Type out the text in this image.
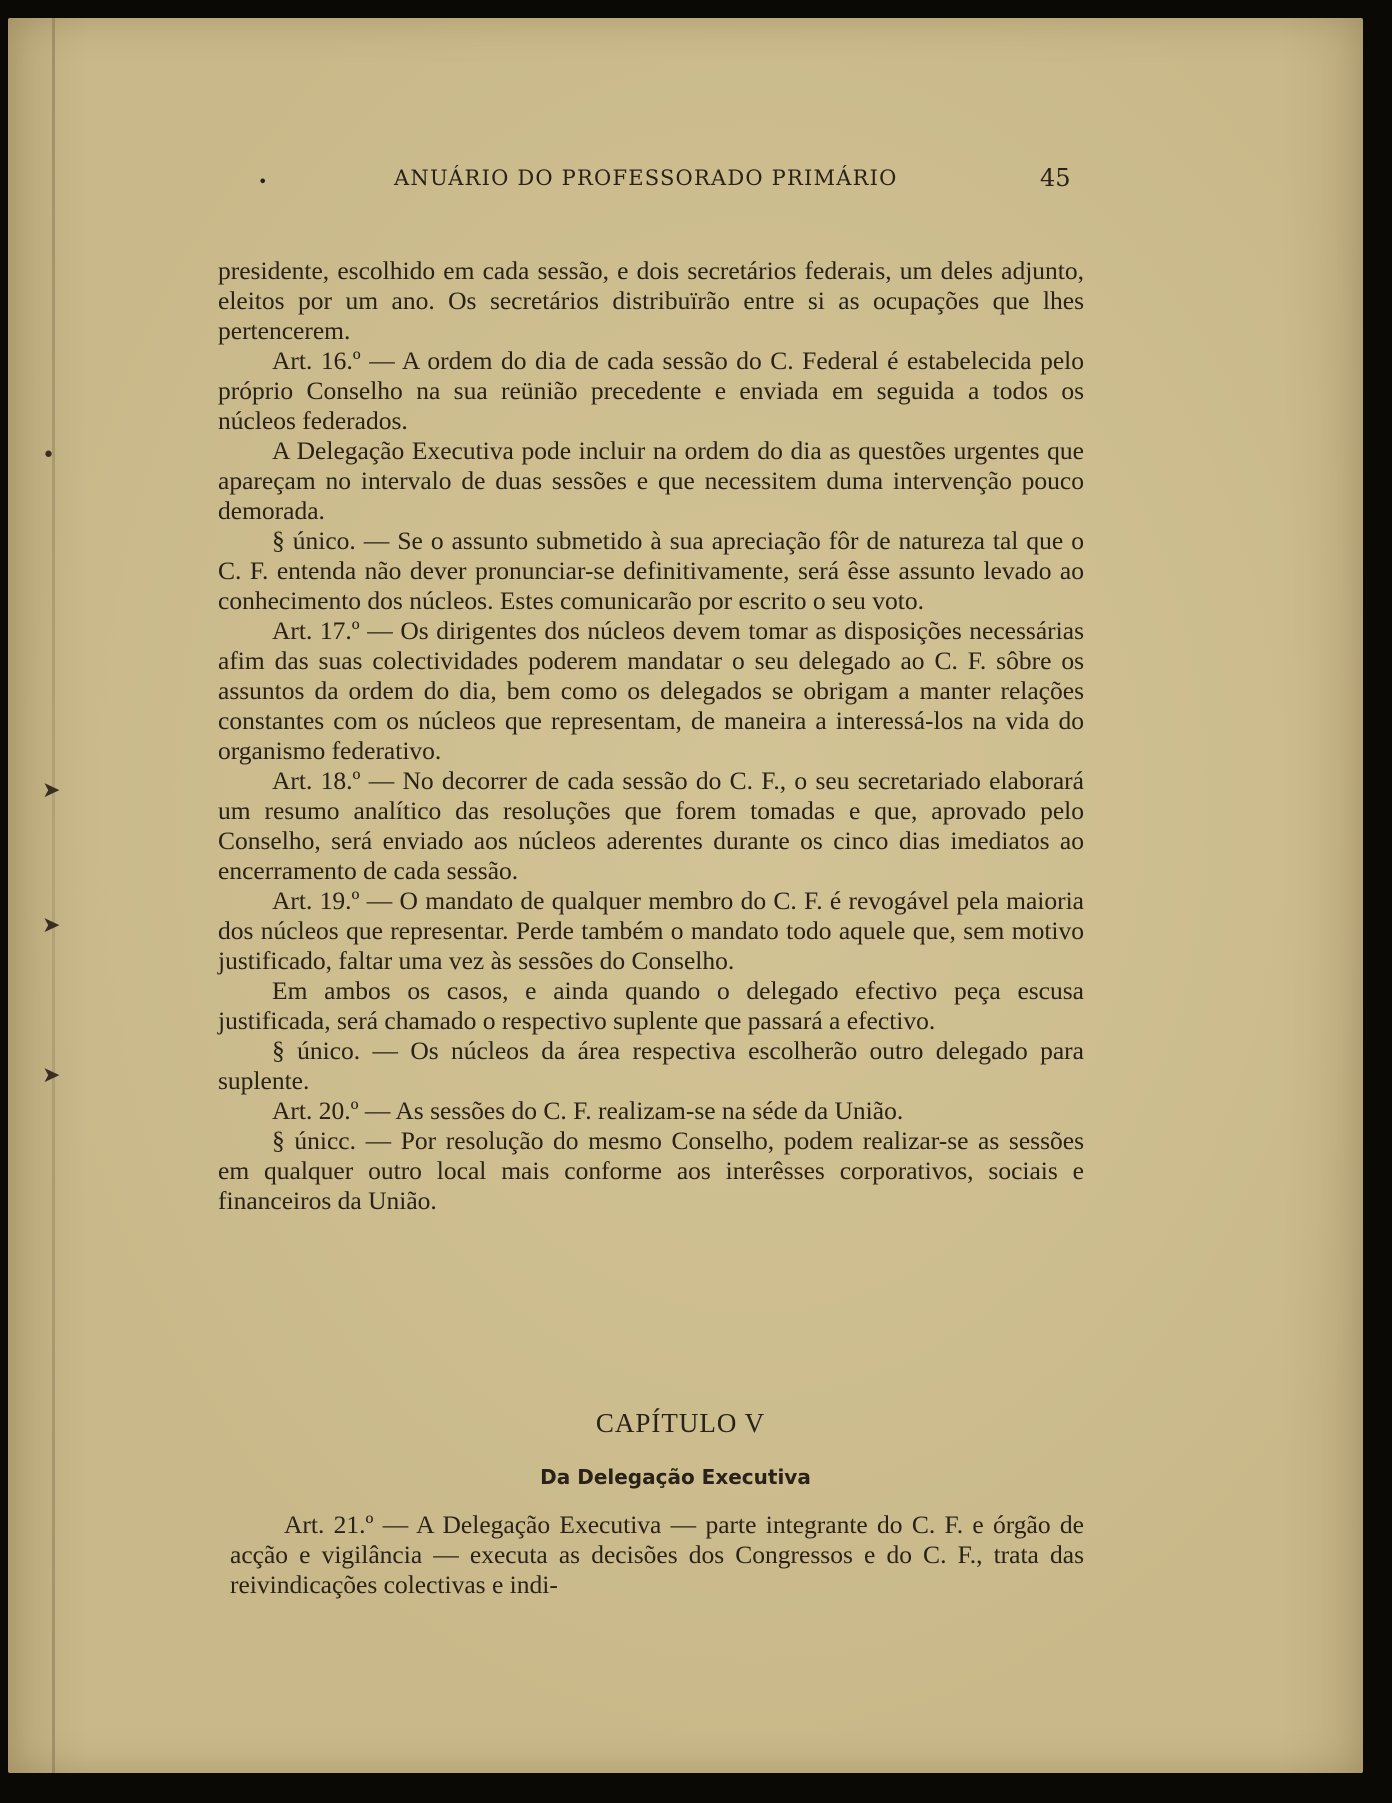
•
➤
➤
➤
•	ANUÁRIO DO PROFESSORADO PRIMÁRIO	45

presidente, escolhido em cada sessão, e dois secretários federais, um deles adjunto, eleitos por um ano. Os secretários distribuïrão entre si as ocupações que lhes pertencerem.

Art. 16.º — A ordem do dia de cada sessão do C. Federal é estabelecida pelo próprio Conselho na sua reünião precedente e enviada em seguida a todos os núcleos federados.

A Delegação Executiva pode incluir na ordem do dia as questões urgentes que apareçam no intervalo de duas sessões e que necessitem duma intervenção pouco demorada.

§ único. — Se o assunto submetido à sua apreciação fôr de natureza tal que o C. F. entenda não dever pronunciar-se definitivamente, será êsse assunto levado ao conhecimento dos núcleos. Estes comunicarão por escrito o seu voto.

Art. 17.º — Os dirigentes dos núcleos devem tomar as disposições necessárias afim das suas colectividades poderem mandatar o seu delegado ao C. F. sôbre os assuntos da ordem do dia, bem como os delegados se obrigam a manter relações constantes com os núcleos que representam, de maneira a interessá-los na vida do organismo federativo.

Art. 18.º — No decorrer de cada sessão do C. F., o seu secretariado elaborará um resumo analítico das resoluções que forem tomadas e que, aprovado pelo Conselho, será enviado aos núcleos aderentes durante os cinco dias imediatos ao encerramento de cada sessão.

Art. 19.º — O mandato de qualquer membro do C. F. é revogável pela maioria dos núcleos que representar. Perde também o mandato todo aquele que, sem motivo justificado, faltar uma vez às sessões do Conselho.

Em ambos os casos, e ainda quando o delegado efectivo peça escusa justificada, será chamado o respectivo suplente que passará a efectivo.

§ único. — Os núcleos da área respectiva escolherão outro delegado para suplente.

Art. 20.º — As sessões do C. F. realizam-se na séde da União.

§ únicc. — Por resolução do mesmo Conselho, podem realizar-se as sessões em qualquer outro local mais conforme aos interêsses corporativos, sociais e financeiros da União.

CAPÍTULO V
Da Delegação Executiva

Art. 21.º — A Delegação Executiva — parte integrante do C. F. e órgão de acção e vigilância — executa as decisões dos Congressos e do C. F., trata das reivindicações colectivas e indi-
